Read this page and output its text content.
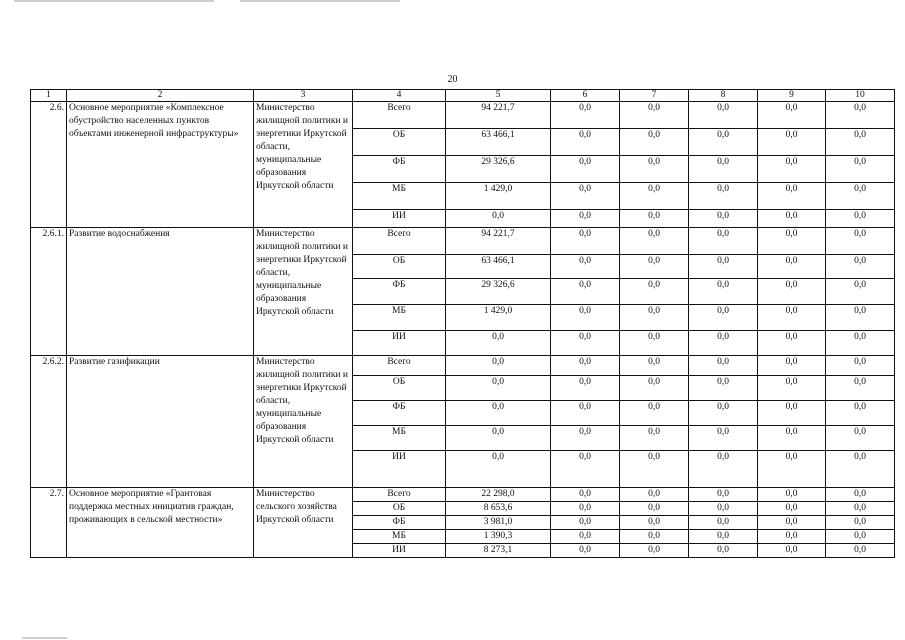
20
1	2	3	4	5	6	7	8	9	10
2.6.	Основное мероприятие «Комплексное обустройство населенных пунктов объектами инженерной инфраструктуры»	Министерство жилищной политики и энергетики Иркутской области, муниципальные образования Иркутской области	Всего	94 221,7	0,0	0,0	0,0	0,0	0,0
			ОБ	63 466,1	0,0	0,0	0,0	0,0	0,0
			ФБ	29 326,6	0,0	0,0	0,0	0,0	0,0
			МБ	1 429,0	0,0	0,0	0,0	0,0	0,0
			ИИ	0,0	0,0	0,0	0,0	0,0	0,0
2.6.1.	Развитие водоснабжения	Министерство жилищной политики и энергетики Иркутской области, муниципальные образования Иркутской области	Всего	94 221,7	0,0	0,0	0,0	0,0	0,0
			ОБ	63 466,1	0,0	0,0	0,0	0,0	0,0
			ФБ	29 326,6	0,0	0,0	0,0	0,0	0,0
			МБ	1 429,0	0,0	0,0	0,0	0,0	0,0
			ИИ	0,0	0,0	0,0	0,0	0,0	0,0
2.6.2.	Развитие газификации	Министерство жилищной политики и энергетики Иркутской области, муниципальные образования Иркутской области	Всего	0,0	0,0	0,0	0,0	0,0	0,0
			ОБ	0,0	0,0	0,0	0,0	0,0	0,0
			ФБ	0,0	0,0	0,0	0,0	0,0	0,0
			МБ	0,0	0,0	0,0	0,0	0,0	0,0
			ИИ	0,0	0,0	0,0	0,0	0,0	0,0
2.7.	Основное мероприятие «Грантовая поддержка местных инициатив граждан, проживающих в сельской местности»	Министерство сельского хозяйства Иркутской области	Всего	22 298,0	0,0	0,0	0,0	0,0	0,0
			ОБ	8 653,6	0,0	0,0	0,0	0,0	0,0
			ФБ	3 981,0	0,0	0,0	0,0	0,0	0,0
			МБ	1 390,3	0,0	0,0	0,0	0,0	0,0
			ИИ	8 273,1	0,0	0,0	0,0	0,0	0,0
